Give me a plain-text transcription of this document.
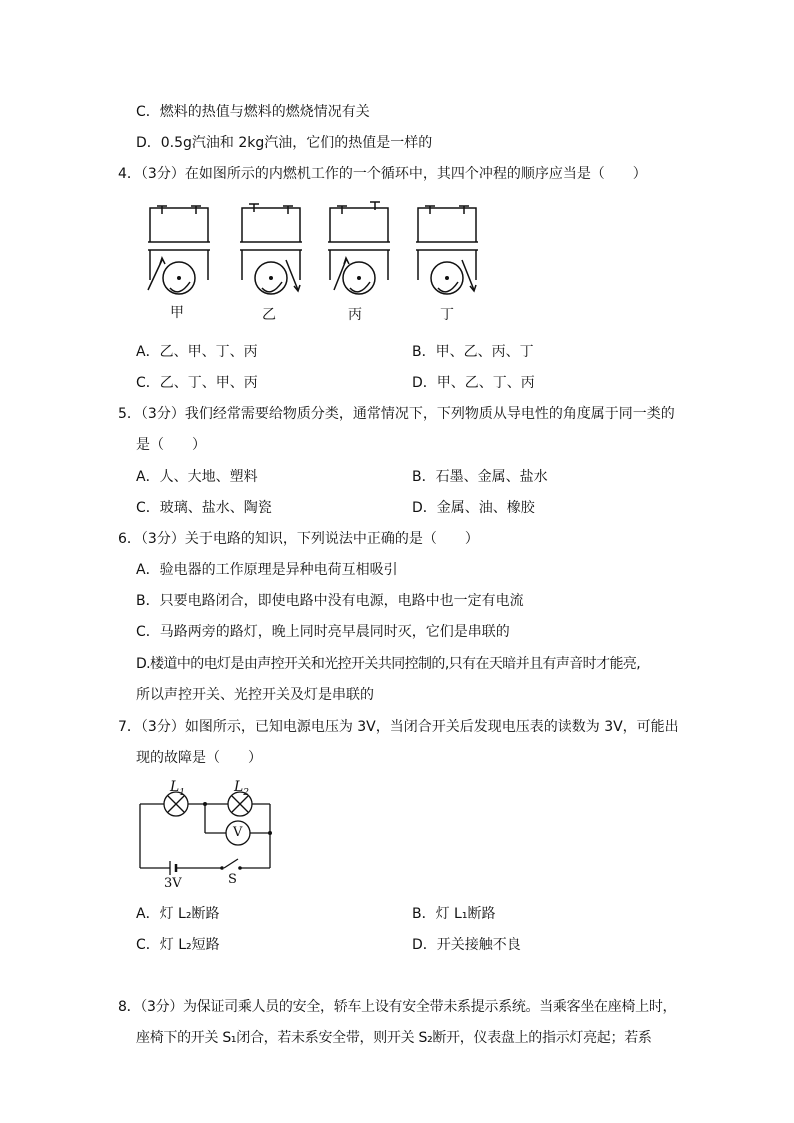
C．燃料的热值与燃料的燃烧情况有关
D．0.5g汽油和 2kg汽油，它们的热值是一样的
4．（3分）在如图所示的内燃机工作的一个循环中，其四个冲程的顺序应当是（　　）
甲	乙	丙	丁
A．乙、甲、丁、丙	B．甲、乙、丙、丁
C．乙、丁、甲、丙	D．甲、乙、丁、丙
5．（3分）我们经常需要给物质分类，通常情况下，下列物质从导电性的角度属于同一类的
是（　　）
A．人、大地、塑料	B．石墨、金属、盐水
C．玻璃、盐水、陶瓷	D．金属、油、橡胶
6．（3分）关于电路的知识，下列说法中正确的是（　　）
A．验电器的工作原理是异种电荷互相吸引
B．只要电路闭合，即使电路中没有电源，电路中也一定有电流
C．马路两旁的路灯，晚上同时亮早晨同时灭，它们是串联的
D.楼道中的电灯是由声控开关和光控开关共同控制的,只有在天暗并且有声音时才能亮,
所以声控开关、光控开关及灯是串联的
7．（3分）如图所示，已知电源电压为 3V，当闭合开关后发现电压表的读数为 3V，可能出
现的故障是（　　）
$L_1$	$L_2$
V
3V	S
A．灯 L₂断路	B．灯 L₁断路
C．灯 L₂短路	D．开关接触不良
8．（3分）为保证司乘人员的安全，轿车上设有安全带未系提示系统。当乘客坐在座椅上时，
座椅下的开关 S₁闭合，若未系安全带，则开关 S₂断开，仪表盘上的指示灯亮起；若系
